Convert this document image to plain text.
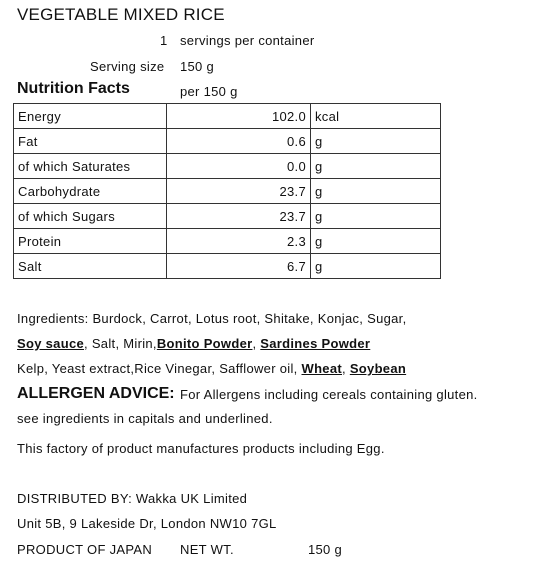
VEGETABLE MIXED RICE
1 servings per container
Serving size 150 g
Nutrition Facts	per 150 g
Energy	102.0	kcal
Fat	0.6	g
of which Saturates	0.0	g
Carbohydrate	23.7	g
of which Sugars	23.7	g
Protein	2.3	g
Salt	6.7	g
Ingredients: Burdock, Carrot, Lotus root, Shitake, Konjac, Sugar,
Soy sauce, Salt, Mirin,Bonito Powder, Sardines Powder
Kelp, Yeast extract,Rice Vinegar, Safflower oil, Wheat, Soybean
ALLERGEN ADVICE: For Allergens including cereals containing gluten.
see ingredients in capitals and underlined.
This factory of product manufactures products including Egg.
DISTRIBUTED BY: Wakka UK Limited
Unit 5B, 9 Lakeside Dr, London NW10 7GL
PRODUCT OF JAPAN NET WT.	150 g
